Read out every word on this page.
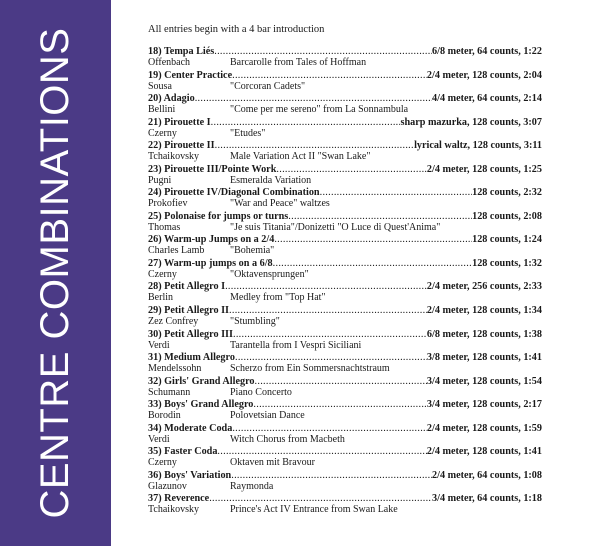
CENTRE COMBINATIONS	All entries begin with a 4 bar introduction
18) Tempa Liés .....	6/8 meter, 64 counts, 1:22
Offenbach	Barcarolle from Tales of Hoffman
19) Center Practice .....	2/4 meter, 128 counts, 2:04
Sousa	"Corcoran Cadets"
20) Adagio .....	4/4 meter, 64 counts, 2:14
Bellini	"Come per me sereno" from La Sonnambula
21) Pirouette I .....	sharp mazurka, 128 counts, 3:07
Czerny	"Etudes"
22) Pirouette II .....	lyrical waltz, 128 counts, 3:11
Tchaikovsky	Male Variation Act II "Swan Lake"
23) Pirouette III/Pointe Work .....	2/4 meter, 128 counts, 1:25
Pugni	Esmeralda Variation
24) Pirouette IV/Diagonal Combination .....	128 counts, 2:32
Prokofiev	"War and Peace" waltzes
25) Polonaise for jumps or turns .....	128 counts, 2:08
Thomas	"Je suis Titania"/Donizetti "O Luce di Quest'Anima"
26) Warm-up Jumps on a 2/4 .....	128 counts, 1:24
Charles Lamb	"Bohemia"
27) Warm-up jumps on a 6/8 .....	128 counts, 1:32
Czerny	"Oktavensprungen"
28) Petit Allegro I .....	2/4 meter, 256 counts, 2:33
Berlin	Medley from "Top Hat"
29) Petit Allegro II .....	2/4 meter, 128 counts, 1:34
Zez Confrey	"Stumbling"
30) Petit Allegro III .....	6/8 meter, 128 counts, 1:38
Verdi	Tarantella from I Vespri Siciliani
31) Medium Allegro .....	3/8 meter, 128 counts, 1:41
Mendelssohn	Scherzo from Ein Sommersnachtstraum
32) Girls' Grand Allegro .....	3/4 meter, 128 counts, 1:54
Schumann	Piano Concerto
33) Boys' Grand Allegro .....	3/4 meter, 128 counts, 2:17
Borodin	Polovetsian Dance
34) Moderate Coda .....	2/4 meter, 128 counts, 1:59
Verdi	Witch Chorus from Macbeth
35) Faster Coda .....	2/4 meter, 128 counts, 1:41
Czerny	Oktaven mit Bravour
36) Boys' Variation .....	2/4 meter, 64 counts, 1:08
Glazunov	Raymonda
37) Reverence .....	3/4 meter, 64 counts, 1:18
Tchaikovsky	Prince's Act IV Entrance from Swan Lake
